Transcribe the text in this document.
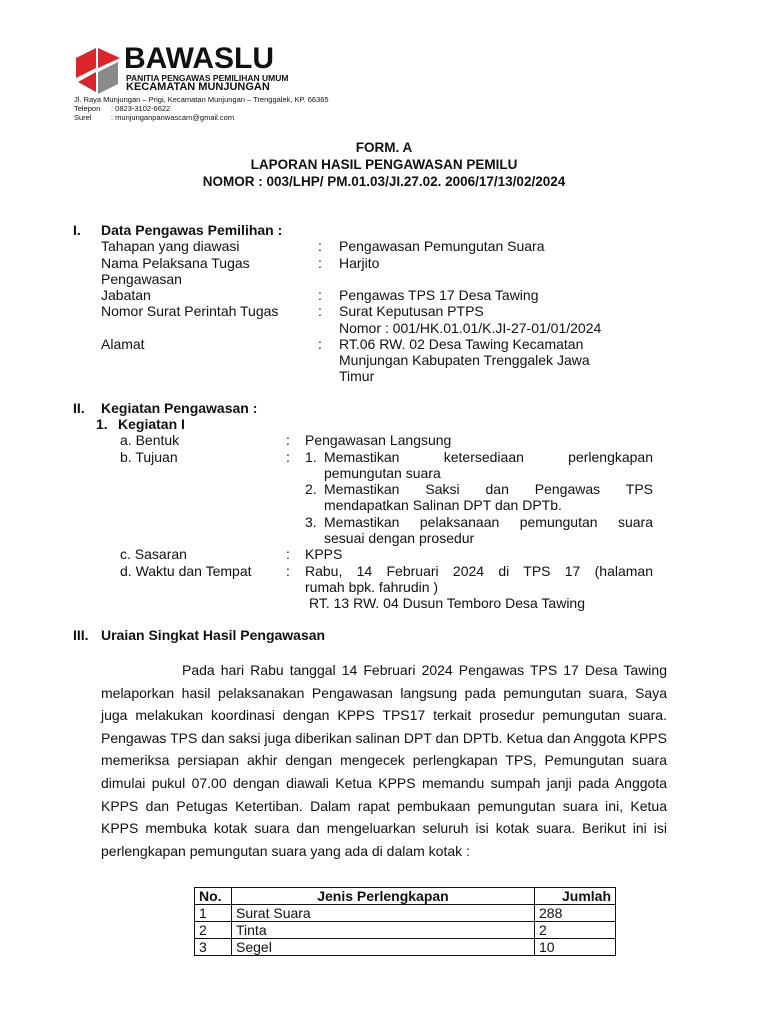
BAWASLU
PANITIA PENGAWAS PEMILIHAN UMUM
KECAMATAN MUNJUNGAN
Jl. Raya Munjungan – Prigi, Kecamatan Munjungan – Trenggalek, KP. 66365
Telepon : 0823-3102-6622
Surel	: munjunganpanwascam@gmail.com
FORM. A
LAPORAN HASIL PENGAWASAN PEMILU
NOMOR : 003/LHP/ PM.01.03/JI.27.02. 2006/17/13/02/2024
I. Data Pengawas Pemilihan :
Tahapan yang diawasi	: Pengawasan Pemungutan Suara
Nama Pelaksana Tugas
Pengawasan
: Harjito
Jabatan	: Pengawas TPS 17 Desa Tawing
Nomor Surat Perintah Tugas	: Surat Keputusan PTPS
Nomor : 001/HK.01.01/K.JI-27-01/01/2024
Alamat	: RT.06 RW. 02 Desa Tawing Kecamatan
Munjungan Kabupaten Trenggalek Jawa
Timur
II. Kegiatan Pengawasan :
1. Kegiatan I
a. Bentuk	: Pengawasan Langsung
b. Tujuan	: 1. Memastikan ketersediaan perlengkapan
pemungutan suara
2. Memastikan Saksi dan Pengawas TPS
mendapatkan Salinan DPT dan DPTb.
3. Memastikan pelaksanaan pemungutan suara
sesuai dengan prosedur
c. Sasaran	: KPPS
d. Waktu dan Tempat : Rabu, 14 Februari 2024 di TPS 17 (halaman
rumah bpk. fahrudin )
RT. 13 RW. 04 Dusun Temboro Desa Tawing
III. Uraian Singkat Hasil Pengawasan

Pada hari Rabu tanggal 14 Februari 2024 Pengawas TPS 17 Desa Tawing melaporkan hasil pelaksanakan Pengawasan langsung pada pemungutan suara, Saya juga melakukan koordinasi dengan KPPS TPS17 terkait prosedur pemungutan suara. Pengawas TPS dan saksi juga diberikan salinan DPT dan DPTb. Ketua dan Anggota KPPS memeriksa persiapan akhir dengan mengecek perlengkapan TPS, Pemungutan suara dimulai pukul 07.00 dengan diawali Ketua KPPS memandu sumpah janji pada Anggota KPPS dan Petugas Ketertiban. Dalam rapat pembukaan pemungutan suara ini, Ketua KPPS membuka kotak suara dan mengeluarkan seluruh isi kotak suara. Berikut ini isi perlengkapan pemungutan suara yang ada di dalam kotak :

No.	Jenis Perlengkapan	Jumlah
1	Surat Suara	288
2	Tinta	2
3	Segel	10
